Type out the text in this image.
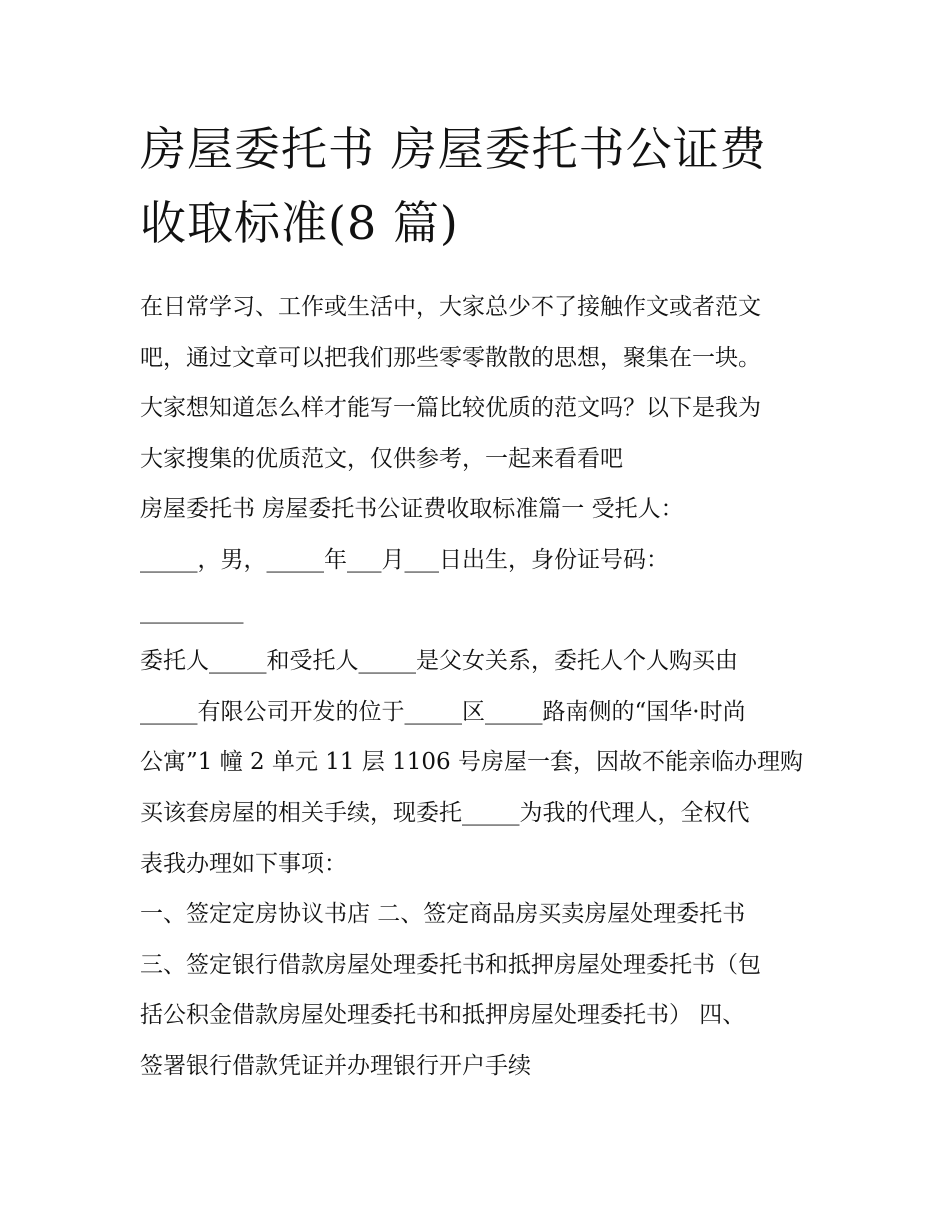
房屋委托书 房屋委托书公证费
收取标准(8 篇)

在日常学习、工作或生活中，大家总少不了接触作文或者范文

吧，通过文章可以把我们那些零零散散的思想，聚集在一块。

大家想知道怎么样才能写一篇比较优质的范文吗？以下是我为

大家搜集的优质范文，仅供参考，一起来看看吧

房屋委托书 房屋委托书公证费收取标准篇一 受托人：

_____，男，_____年___月___日出生，身份证号码：

_________

委托人_____和受托人_____是父女关系，委托人个人购买由

_____有限公司开发的位于_____区_____路南侧的“国华·时尚

公寓”1 幢 2 单元 11 层 1106 号房屋一套，因故不能亲临办理购

买该套房屋的相关手续，现委托_____为我的代理人，全权代

表我办理如下事项：

一、签定定房协议书店 二、签定商品房买卖房屋处理委托书

三、签定银行借款房屋处理委托书和抵押房屋处理委托书（包

括公积金借款房屋处理委托书和抵押房屋处理委托书） 四、

签署银行借款凭证并办理银行开户手续
